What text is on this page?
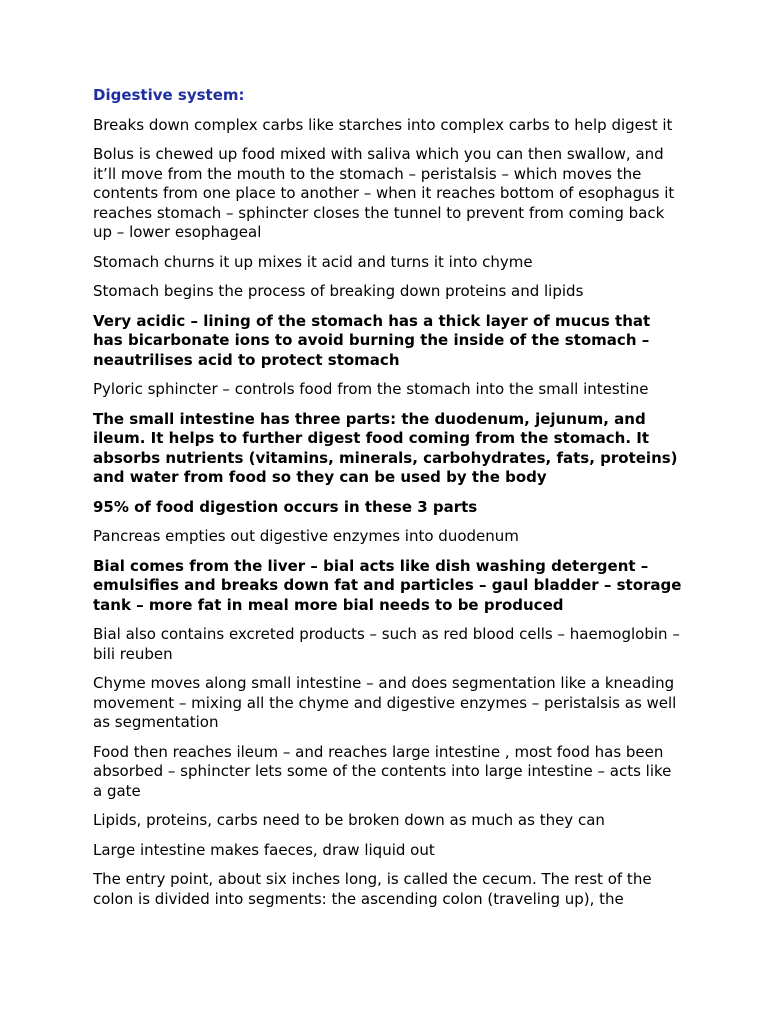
Digestive system:

Breaks down complex carbs like starches into complex carbs to help digest it

Bolus is chewed up food mixed with saliva which you can then swallow, and it’ll move from the mouth to the stomach – peristalsis – which moves the contents from one place to another – when it reaches bottom of esophagus it reaches stomach – sphincter closes the tunnel to prevent from coming back up – lower esophageal

Stomach churns it up mixes it acid and turns it into chyme

Stomach begins the process of breaking down proteins and lipids

Very acidic – lining of the stomach has a thick layer of mucus that has bicarbonate ions to avoid burning the inside of the stomach – neautrilises acid to protect stomach

Pyloric sphincter – controls food from the stomach into the small intestine

The small intestine has three parts: the duodenum, jejunum, and ileum. It helps to further digest food coming from the stomach. It absorbs nutrients (vitamins, minerals, carbohydrates, fats, proteins) and water from food so they can be used by the body

95% of food digestion occurs in these 3 parts

Pancreas empties out digestive enzymes into duodenum

Bial comes from the liver – bial acts like dish washing detergent – emulsifies and breaks down fat and particles – gaul bladder – storage tank – more fat in meal more bial needs to be produced

Bial also contains excreted products – such as red blood cells – haemoglobin – bili reuben

Chyme moves along small intestine – and does segmentation like a kneading movement – mixing all the chyme and digestive enzymes – peristalsis as well as segmentation

Food then reaches ileum – and reaches large intestine , most food has been absorbed – sphincter lets some of the contents into large intestine – acts like a gate

Lipids, proteins, carbs need to be broken down as much as they can

Large intestine makes faeces, draw liquid out

The entry point, about six inches long, is called the cecum. The rest of the colon is divided into segments: the ascending colon (traveling up), the
